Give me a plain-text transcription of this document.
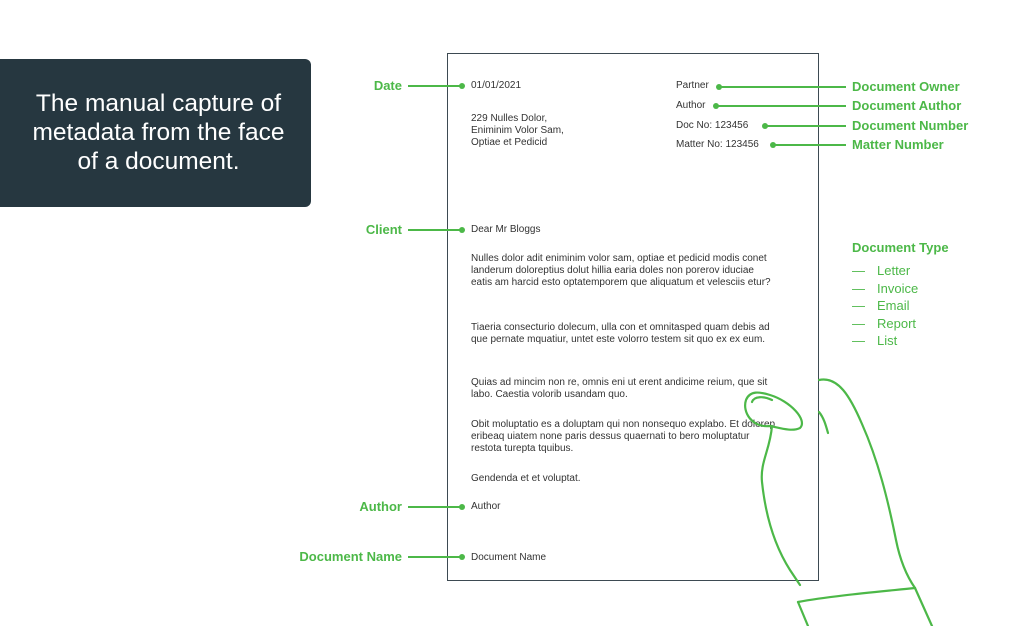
The manual capture of metadata from the face of a document.
01/01/2021
229 Nulles Dolor,
Eniminim Volor Sam,
Optiae et Pedicid
Partner
Author
Doc No: 123456
Matter No: 123456
Dear Mr Bloggs
Nulles dolor adit eniminim volor sam, optiae et pedicid modis conet landerum doloreptius dolut hillia earia doles non porerov iduciae eatis am harcid esto optatemporem que aliquatum et velesciis etur?
Tiaeria consecturio dolecum, ulla con et omnitasped quam debis ad que pernate mquatiur, untet este volorro testem sit quo ex ex eum.
Quias ad mincim non re, omnis eni ut erent andicime reium, que sit labo. Caestia volorib usandam quo.
Obit moluptatio es a doluptam qui non nonsequo explabo. Et dolorep eribeaq uiatem none paris dessus quaernati to bero moluptatur restota turepta tquibus.
Gendenda et et voluptat.
Author
Document Name
Date
Client
Author
Document Name
Document Owner
Document Author
Document Number
Matter Number
Document Type
— Letter
— Invoice
— Email
— Report
— List
